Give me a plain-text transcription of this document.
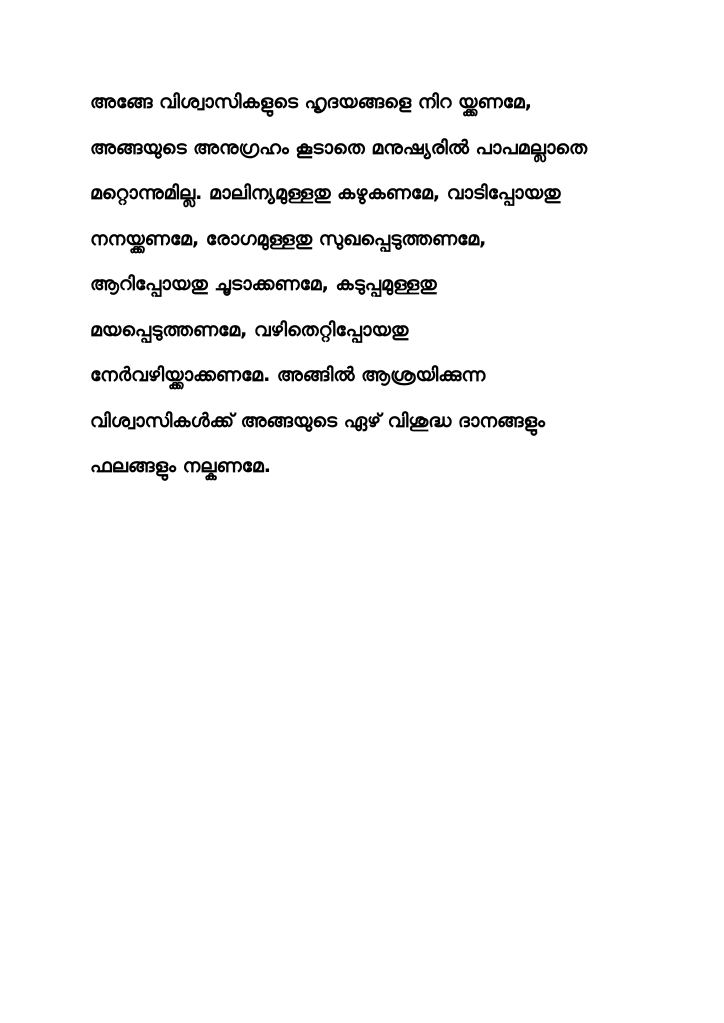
അങ്ങേ വിശ്വാസികളുടെ ഹൃദയങ്ങളെ നിറ യ്ക്കണമേ,
അങ്ങയുടെ അനുഗ്രഹം കൂടാതെ മനുഷ്യരിൽ പാപമല്ലാതെ
മറ്റൊന്നുമില്ല. മാലിന്യമുള്ളതു കഴുകണമേ, വാടിപ്പോയതു
നനയ്ക്കണമേ, രോഗമുള്ളതു സുഖപ്പെടുത്തണമേ,
ആറിപ്പോയതു ചൂടാക്കണമേ, കടുപ്പമുള്ളതു
മയപ്പെടുത്തണമേ, വഴിതെറ്റിപ്പോയതു
നേർവഴിയ്ക്കാക്കണമേ. അങ്ങിൽ ആശ്രയിക്കുന്ന
വിശ്വാസികൾക്ക് അങ്ങയുടെ ഏഴ് വിശുദ്ധ ദാനങ്ങളും
ഫലങ്ങളും നല്കണമേ.
